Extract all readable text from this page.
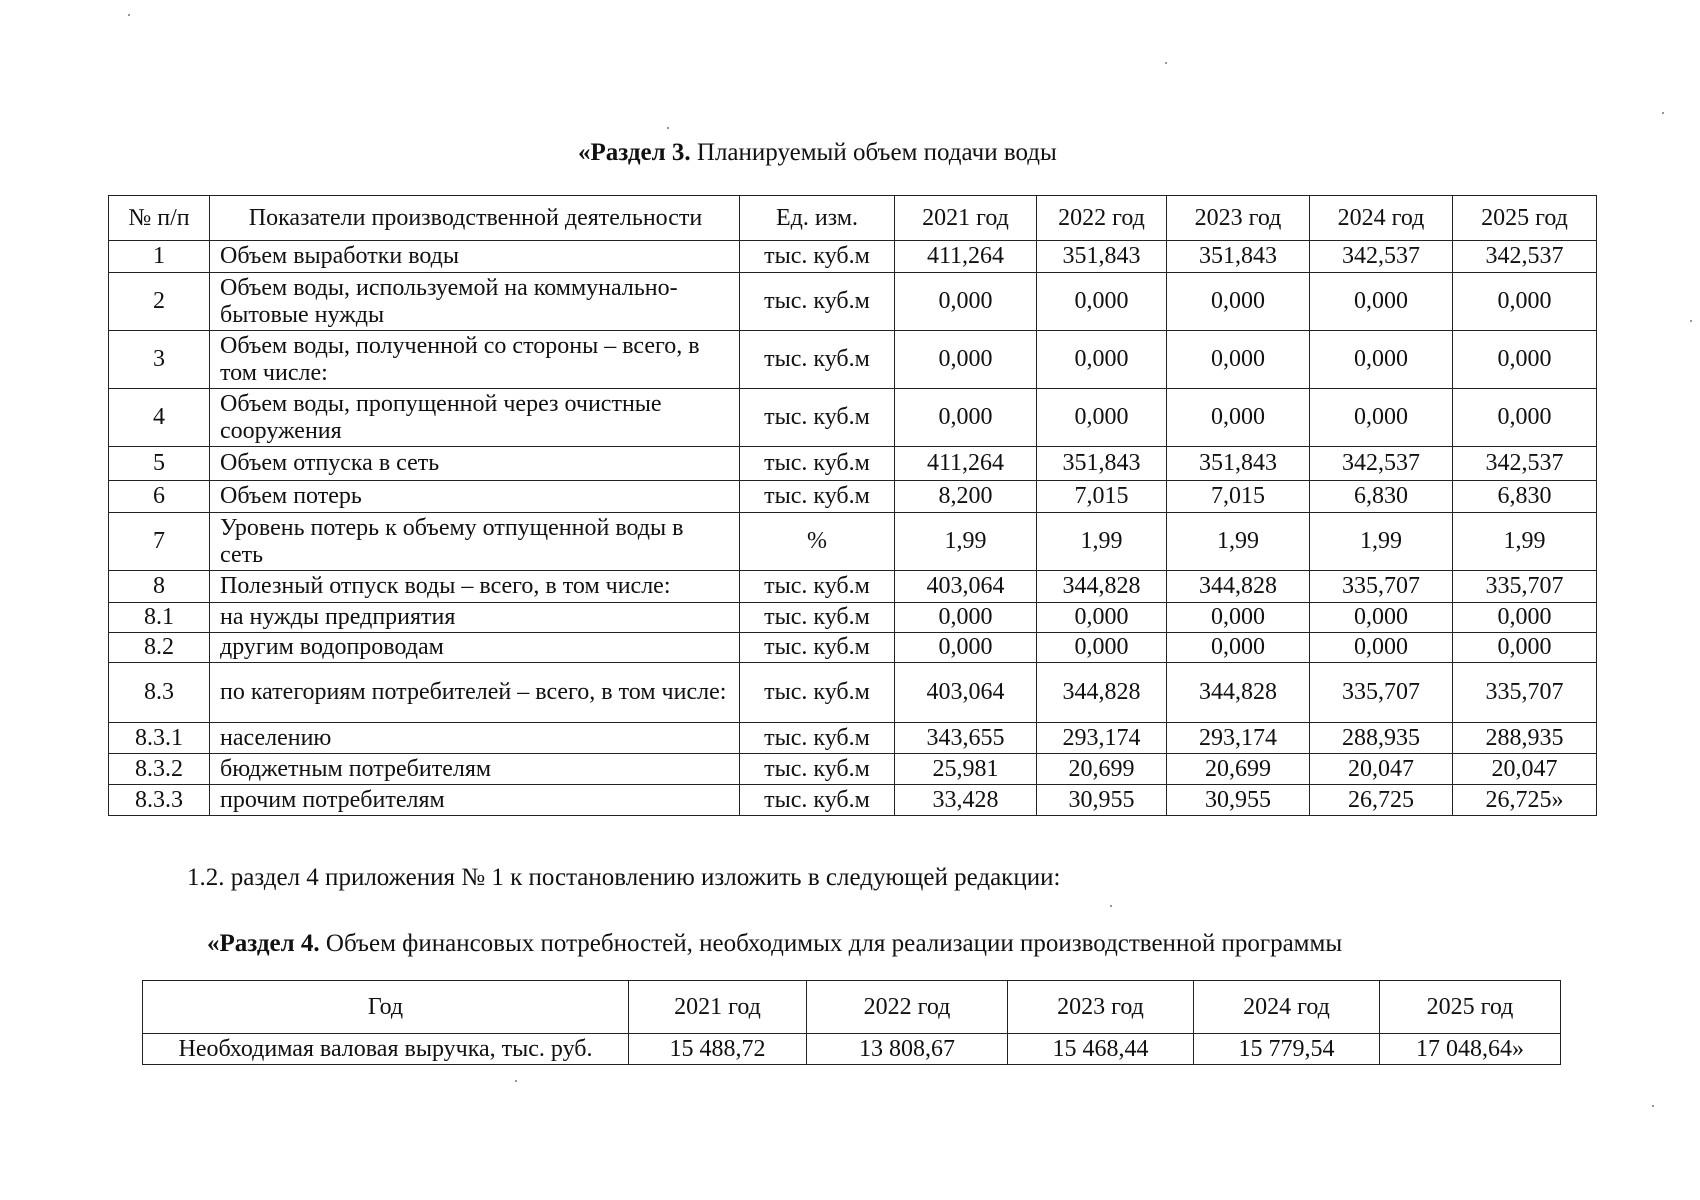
«Раздел 3. Планируемый объем подачи воды
№ п/п	Показатели производственной деятельности	Ед. изм.	2021 год	2022 год	2023 год	2024 год	2025 год
1	Объем выработки воды	тыс. куб.м	411,264	351,843	351,843	342,537	342,537
2	Объем воды, используемой на коммунально-бытовые нужды	тыс. куб.м	0,000	0,000	0,000	0,000	0,000
3	Объем воды, полученной со стороны – всего, в том числе:	тыс. куб.м	0,000	0,000	0,000	0,000	0,000
4	Объем воды, пропущенной через очистные сооружения	тыс. куб.м	0,000	0,000	0,000	0,000	0,000
5	Объем отпуска в сеть	тыс. куб.м	411,264	351,843	351,843	342,537	342,537
6	Объем потерь	тыс. куб.м	8,200	7,015	7,015	6,830	6,830
7	Уровень потерь к объему отпущенной воды в сеть	%	1,99	1,99	1,99	1,99	1,99
8	Полезный отпуск воды – всего, в том числе:	тыс. куб.м	403,064	344,828	344,828	335,707	335,707
8.1	на нужды предприятия	тыс. куб.м	0,000	0,000	0,000	0,000	0,000
8.2	другим водопроводам	тыс. куб.м	0,000	0,000	0,000	0,000	0,000
8.3	по категориям потребителей – всего, в том числе:	тыс. куб.м	403,064	344,828	344,828	335,707	335,707
8.3.1	населению	тыс. куб.м	343,655	293,174	293,174	288,935	288,935
8.3.2	бюджетным потребителям	тыс. куб.м	25,981	20,699	20,699	20,047	20,047
8.3.3	прочим потребителям	тыс. куб.м	33,428	30,955	30,955	26,725	26,725»
1.2. раздел 4 приложения № 1 к постановлению изложить в следующей редакции:
«Раздел 4. Объем финансовых потребностей, необходимых для реализации производственной программы
Год	2021 год	2022 год	2023 год	2024 год	2025 год
Необходимая валовая выручка, тыс. руб.	15 488,72	13 808,67	15 468,44	15 779,54	17 048,64»
